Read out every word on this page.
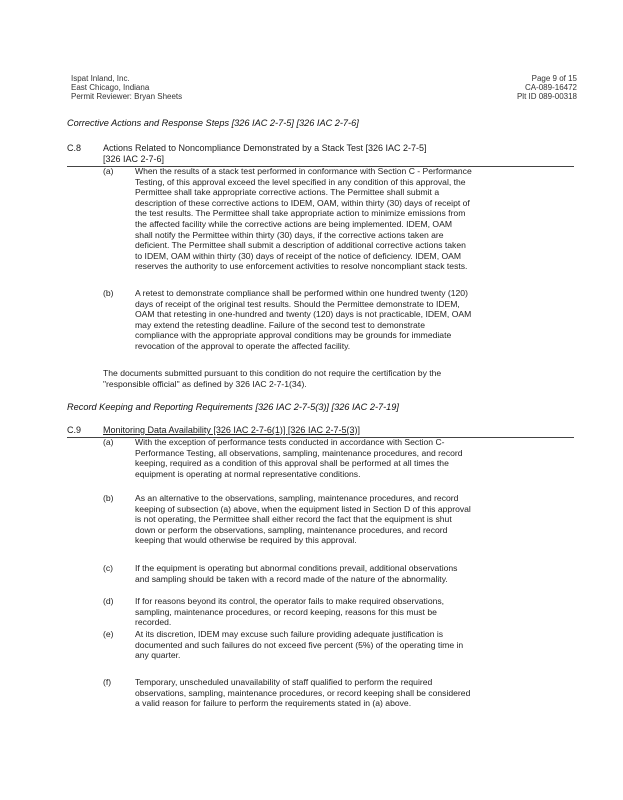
Ispat Inland, Inc.
East Chicago, Indiana
Permit Reviewer: Bryan Sheets
Page 9 of 15
CA-089-16472
Plt ID 089-00318
Corrective Actions and Response Steps [326 IAC 2-7-5] [326 IAC 2-7-6]
C.8 Actions Related to Noncompliance Demonstrated by a Stack Test [326 IAC 2-7-5]
[326 IAC 2-7-6]
(a) When the results of a stack test performed in conformance with Section C - Performance
Testing, of this approval exceed the level specified in any condition of this approval, the
Permittee shall take appropriate corrective actions. The Permittee shall submit a
description of these corrective actions to IDEM, OAM, within thirty (30) days of receipt of
the test results. The Permittee shall take appropriate action to minimize emissions from
the affected facility while the corrective actions are being implemented. IDEM, OAM
shall notify the Permittee within thirty (30) days, if the corrective actions taken are
deficient. The Permittee shall submit a description of additional corrective actions taken
to IDEM, OAM within thirty (30) days of receipt of the notice of deficiency. IDEM, OAM
reserves the authority to use enforcement activities to resolve noncompliant stack tests.
(b) A retest to demonstrate compliance shall be performed within one hundred twenty (120)
days of receipt of the original test results. Should the Permittee demonstrate to IDEM,
OAM that retesting in one-hundred and twenty (120) days is not practicable, IDEM, OAM
may extend the retesting deadline. Failure of the second test to demonstrate
compliance with the appropriate approval conditions may be grounds for immediate
revocation of the approval to operate the affected facility.
The documents submitted pursuant to this condition do not require the certification by the
"responsible official" as defined by 326 IAC 2-7-1(34).
Record Keeping and Reporting Requirements [326 IAC 2-7-5(3)] [326 IAC 2-7-19]
C.9 Monitoring Data Availability [326 IAC 2-7-6(1)] [326 IAC 2-7-5(3)]
(a) With the exception of performance tests conducted in accordance with Section C-
Performance Testing, all observations, sampling, maintenance procedures, and record
keeping, required as a condition of this approval shall be performed at all times the
equipment is operating at normal representative conditions.
(b) As an alternative to the observations, sampling, maintenance procedures, and record
keeping of subsection (a) above, when the equipment listed in Section D of this approval
is not operating, the Permittee shall either record the fact that the equipment is shut
down or perform the observations, sampling, maintenance procedures, and record
keeping that would otherwise be required by this approval.
(c)	If the equipment is operating but abnormal conditions prevail, additional observations
and sampling should be taken with a record made of the nature of the abnormality.
(d) If for reasons beyond its control, the operator fails to make required observations,
sampling, maintenance procedures, or record keeping, reasons for this must be
recorded.
(e) At its discretion, IDEM may excuse such failure providing adequate justification is
documented and such failures do not exceed five percent (5%) of the operating time in
any quarter.
(f)	Temporary, unscheduled unavailability of staff qualified to perform the required
observations, sampling, maintenance procedures, or record keeping shall be considered
a valid reason for failure to perform the requirements stated in (a) above.
